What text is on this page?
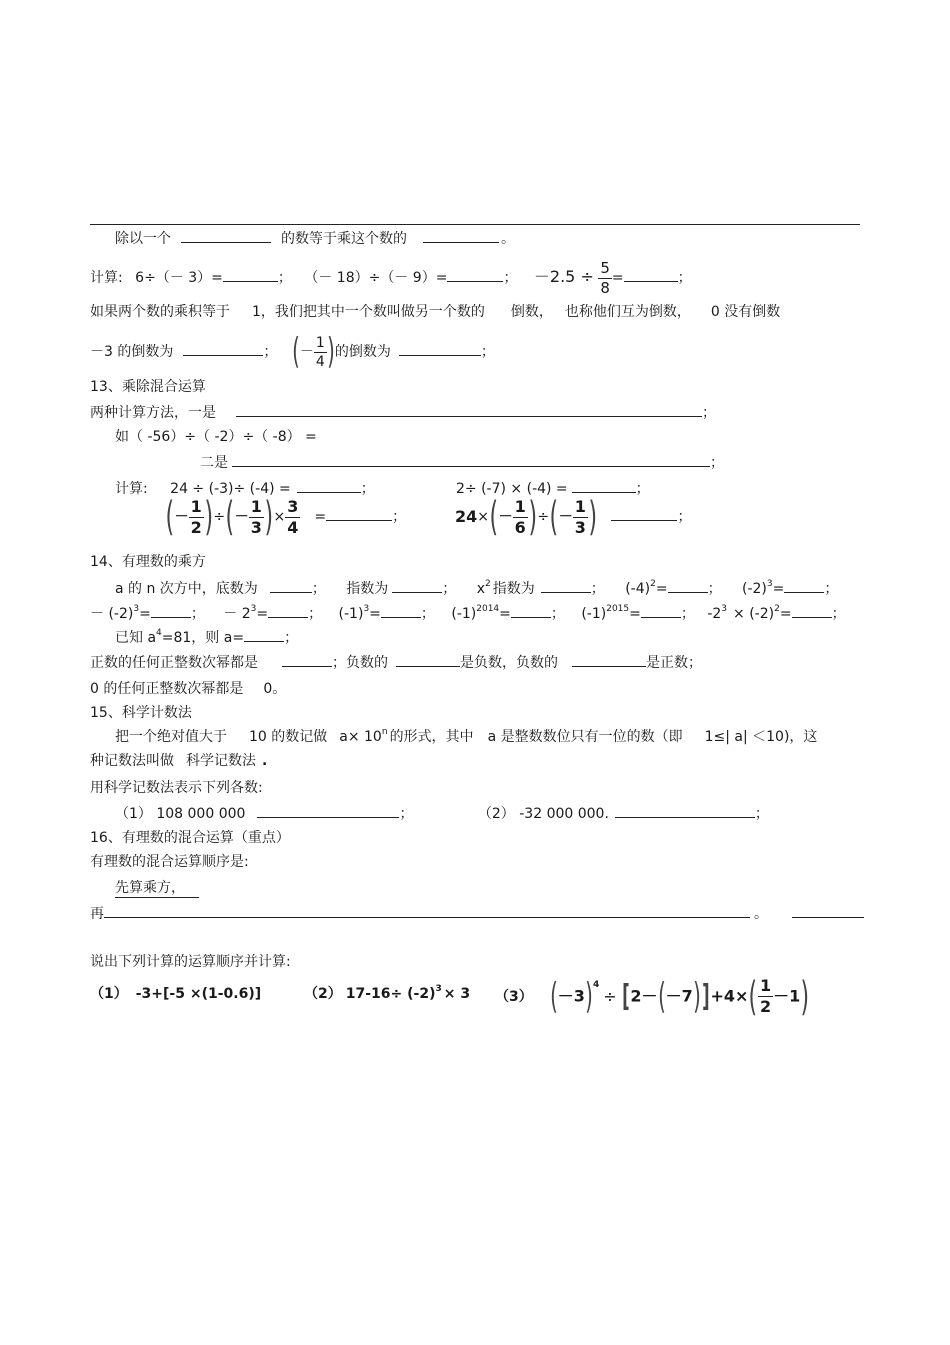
除以一个	的数等于乘这个数的	。
计算: 6÷（－ 3）=	； （－ 18）÷（－ 9）=	； $-2.5 \div \frac{5}{8}$ =	；
如果两个数的乘积等于 1，我们把其中一个数叫做另一个数的 倒数， 也称他们互为倒数， 0 没有倒数
－3 的倒数为	； (－ $\frac{1}{4}$ )的倒数为	；
13、乘除混合运算
两种计算方法，一是	；
如（ -56）÷（ -2）÷（ -8） =
二是	；
计算: 24 ÷ (-3)÷ (-4) =	；	2÷ (-7) × (-4) =	；
(－ $\frac{1}{2}$ )÷(－ $\frac{1}{3}$ )× $\frac{3}{4}$ =	；	$24\times(- \frac{1}{6}$ )÷(－ $\frac{1}{3}$ )	；
14、有理数的乘方
a 的 n 次方中，底数为	； 指数为	； $x^2$ 指数为	； $(-4)^2=$	； $(-2)^3=$	；
－ $(-2)^3=$	； － $2^3=$	； $(-1)^3=$	； $(-1)^{2014}=$	； $(-1)^{2015}=$	； $-2^3 \times (-2)^2=$	；
已知 $a^4=81$，则 a=	；
正数的任何正整数次幂都是	；负数的	是负数，负数的	是正数；
0 的任何正整数次幂都是 0。
15、科学计数法
把一个绝对值大于 10 的数记做 $a\times 10^n$ 的形式，其中 a 是整数数位只有一位的数（即 1≤| a| ＜10)，这
种记数法叫做 科学记数法 .
用科学记数法表示下列各数:
（1） 108 000 000	；	（2） -32 000 000.	；
16、有理数的混合运算（重点）
有理数的混合运算顺序是:
先算乘方，
再	。
说出下列计算的运算顺序并计算:
（1） -3+[-5 ×(1-0.6)]	（2） $17-16\div (-2)^3 \times 3$ （3） $(-3)^4\div [2-(-7)]+4\times( \frac{1}{2} -1)$
